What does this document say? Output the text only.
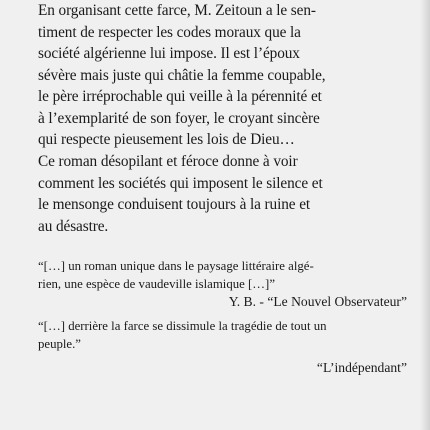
En organisant cette farce, M. Zeitoun a le sen-
timent de respecter les codes moraux que la
société algérienne lui impose. Il est l’époux
sévère mais juste qui châtie la femme coupable,
le père irréprochable qui veille à la pérennité et
à l’exemplarité de son foyer, le croyant sincère
qui respecte pieusement les lois de Dieu…

Ce roman désopilant et féroce donne à voir
comment les sociétés qui imposent le silence et
le mensonge conduisent toujours à la ruine et
au désastre.

“[…] un roman unique dans le paysage littéraire algé-
rien, une espèce de vaudeville islamique […]”

Y. B. - “Le Nouvel Observateur”

“[…] derrière la farce se dissimule la tragédie de tout un
peuple.”

“L’indépendant”
